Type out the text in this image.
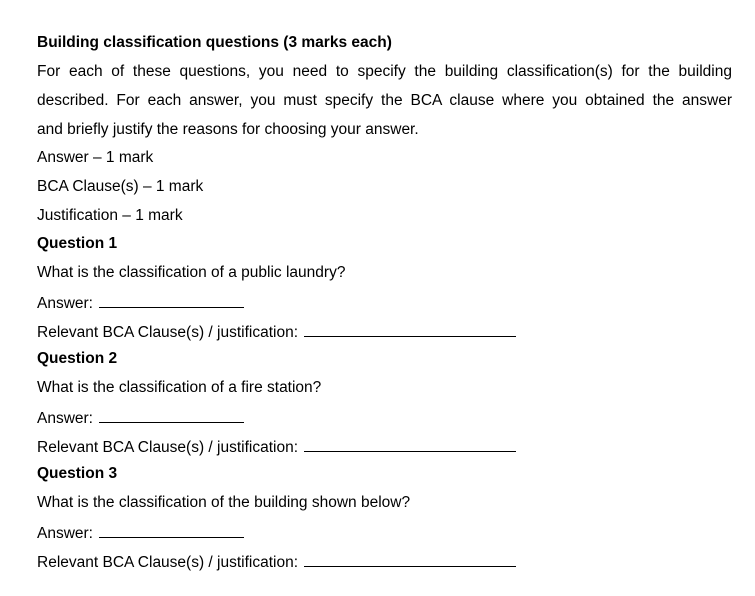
Building classification questions (3 marks each)
For each of these questions, you need to specify the building classification(s) for the building
described. For each answer, you must specify the BCA clause where you obtained the answer
and briefly justify the reasons for choosing your answer.
Answer – 1 mark
BCA Clause(s) – 1 mark
Justification – 1 mark
Question 1
What is the classification of a public laundry?
Answer:
Relevant BCA Clause(s) / justification:
Question 2
What is the classification of a fire station?
Answer:
Relevant BCA Clause(s) / justification:
Question 3
What is the classification of the building shown below?
Answer:
Relevant BCA Clause(s) / justification:
